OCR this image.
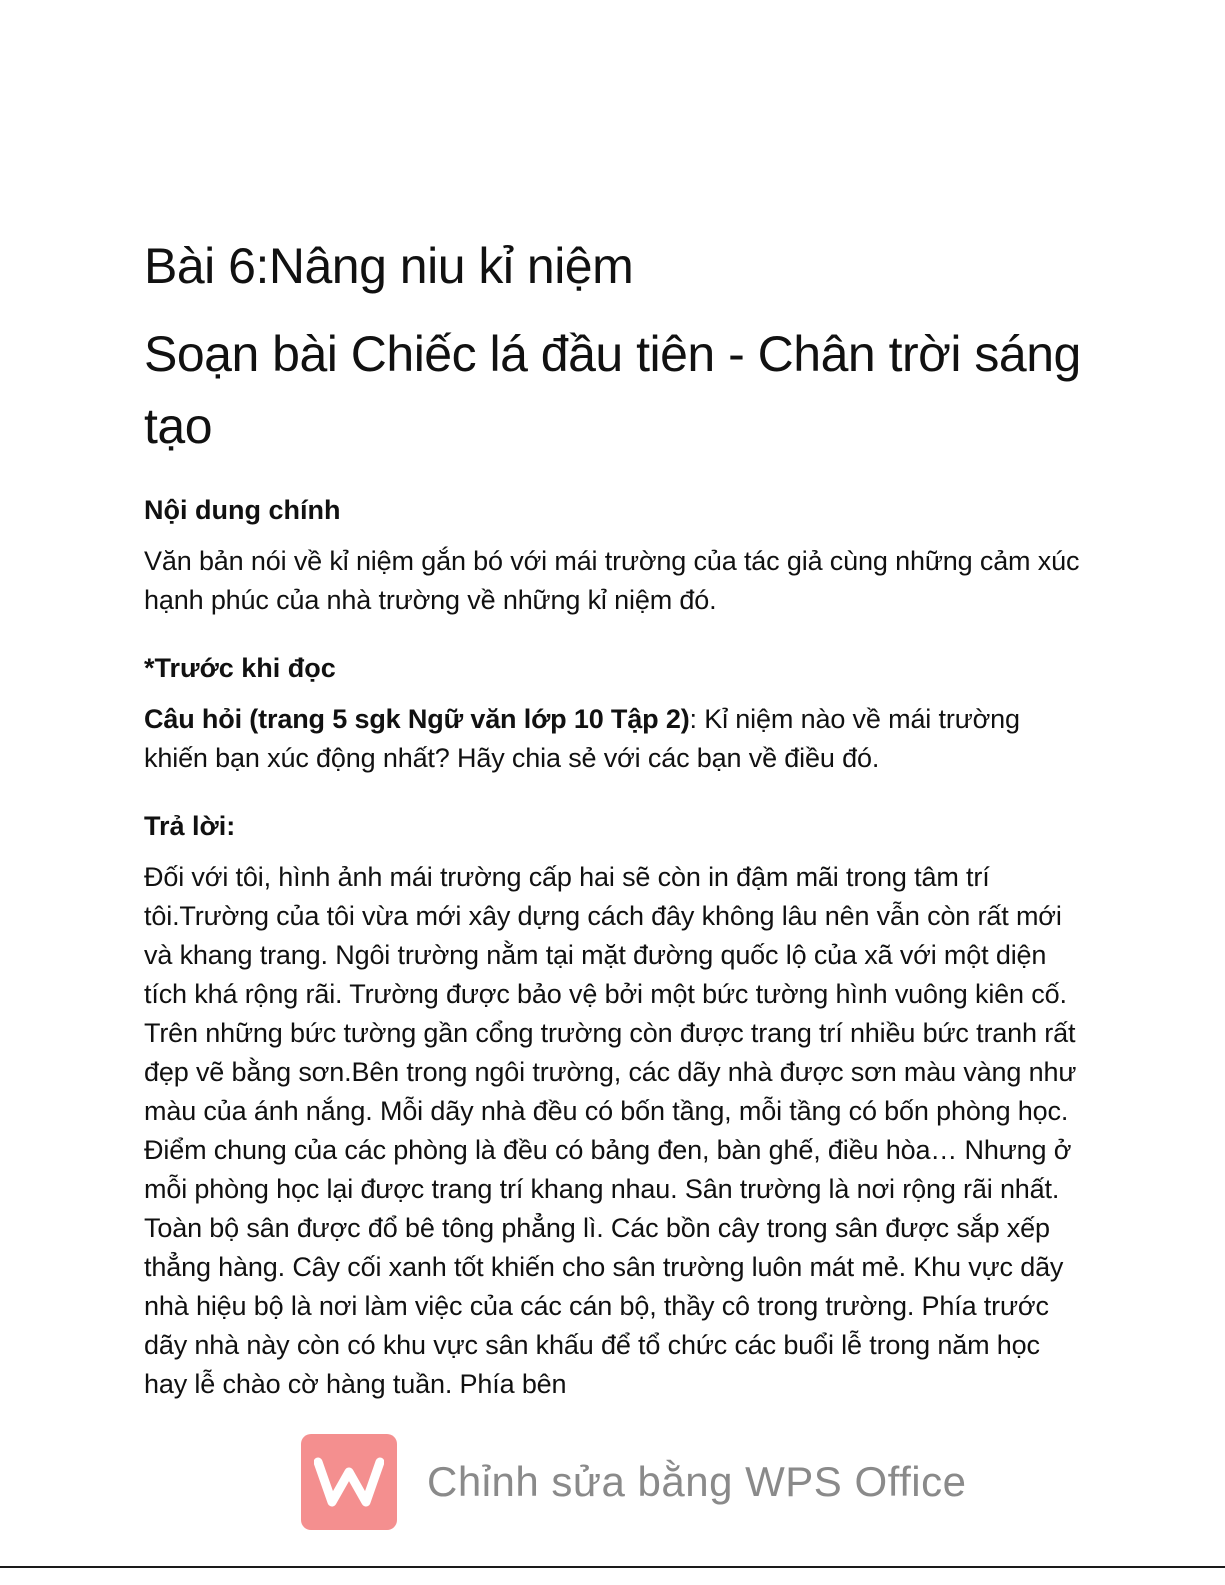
Bài 6:Nâng niu kỉ niệm
Soạn bài Chiếc lá đầu tiên - Chân trời sáng tạo
Nội dung chính

Văn bản nói về kỉ niệm gắn bó với mái trường của tác giả cùng những cảm xúc hạnh phúc của nhà trường về những kỉ niệm đó.

*Trước khi đọc

Câu hỏi (trang 5 sgk Ngữ văn lớp 10 Tập 2): Kỉ niệm nào về mái trường khiến bạn xúc động nhất? Hãy chia sẻ với các bạn về điều đó.

Trả lời:

Đối với tôi, hình ảnh mái trường cấp hai sẽ còn in đậm mãi trong tâm trí tôi.Trường của tôi vừa mới xây dựng cách đây không lâu nên vẫn còn rất mới và khang trang. Ngôi trường nằm tại mặt đường quốc lộ của xã với một diện tích khá rộng rãi. Trường được bảo vệ bởi một bức tường hình vuông kiên cố. Trên những bức tường gần cổng trường còn được trang trí nhiều bức tranh rất đẹp vẽ bằng sơn.Bên trong ngôi trường, các dãy nhà được sơn màu vàng như màu của ánh nắng. Mỗi dãy nhà đều có bốn tầng, mỗi tầng có bốn phòng học. Điểm chung của các phòng là đều có bảng đen, bàn ghế, điều hòa… Nhưng ở mỗi phòng học lại được trang trí khang nhau. Sân trường là nơi rộng rãi nhất. Toàn bộ sân được đổ bê tông phẳng lì. Các bồn cây trong sân được sắp xếp thẳng hàng. Cây cối xanh tốt khiến cho sân trường luôn mát mẻ. Khu vực dãy nhà hiệu bộ là nơi làm việc của các cán bộ, thầy cô trong trường. Phía trước dãy nhà này còn có khu vực sân khấu để tổ chức các buổi lễ trong năm học hay lễ chào cờ hàng tuần. Phía bên

Chỉnh sửa bằng WPS Office
